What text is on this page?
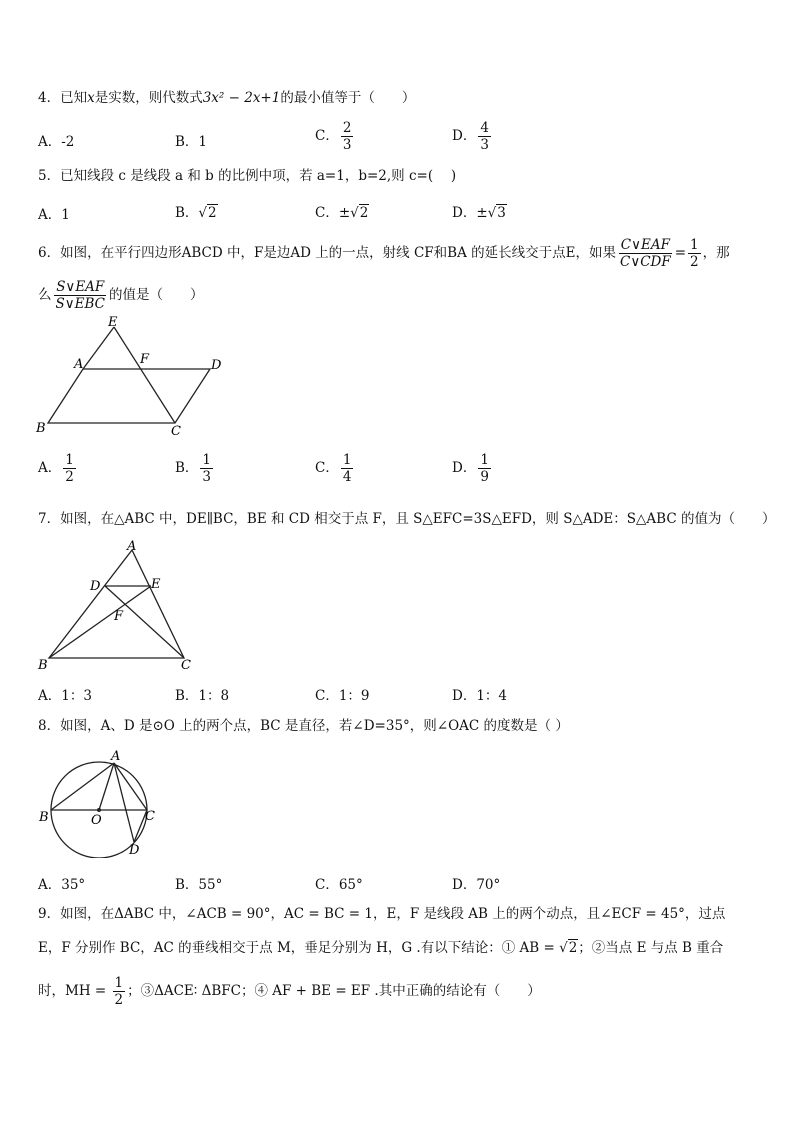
4．已知x是实数，则代数式3x² − 2x+1的最小值等于（　　）
A．-2	B．1	C． $\frac{2}{3}$	D． $\frac{4}{3}$
5．已知线段 c 是线段 a 和 b 的比例中项，若 a=1，b=2,则 c=(　 )
A．1	B．√2	C．±√2	D．±√3
6．如图，在平行四边形ABCD 中，F是边AD 上的一点，射线 CF和BA 的延长线交于点E，如果 $\frac{\text{C∨EAF}}{\text{C∨CDF}} = \frac{1}{2}$ ，那
么 $\frac{\text{S∨EAF}}{\text{S∨EBC}}$ 的值是（　　）
E
A	F	D
B	C
A． $\frac{1}{2}$	B． $\frac{1}{3}$	C． $\frac{1}{4}$	D． $\frac{1}{9}$
7．如图，在△ABC 中，DE∥BC，BE 和 CD 相交于点 F，且 S△EFC=3S△EFD，则 S△ADE：S△ABC 的值为（　　）
A
D	E
F
B	C
A．1：3	B．1：8	C．1：9	D．1：4
8．如图，A、D 是⊙O 上的两个点，BC 是直径，若∠D=35°，则∠OAC 的度数是（ ）
A
B	O	C
D
A．35°	B．55°	C．65°	D．70°
9．如图，在ΔABC 中，∠ACB = 90°，AC = BC = 1，E，F 是线段 AB 上的两个动点，且∠ECF = 45°，过点
E，F 分别作 BC，AC 的垂线相交于点 M，垂足分别为 H，G .有以下结论：① AB = √2；②当点 E 与点 B 重合
时，MH = $\frac{1}{2}$ ；③ΔACE∶ ΔBFC；④ AF + BE = EF .其中正确的结论有（　　）
